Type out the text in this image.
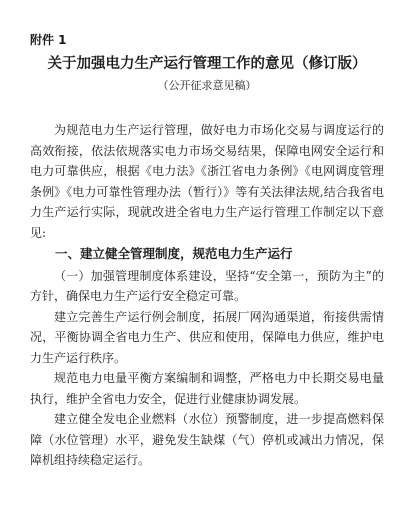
附件 1

关于加强电力生产运行管理工作的意见（修订版）

（公开征求意见稿）

为规范电力生产运行管理，做好电力市场化交易与调度运行的高效衔接，依法依规落实电力市场交易结果，保障电网安全运行和电力可靠供应，根据《电力法》《浙江省电力条例》《电网调度管理条例》《电力可靠性管理办法（暂行）》等有关法律法规,结合我省电力生产运行实际，现就改进全省电力生产运行管理工作制定以下意见:

一、建立健全管理制度，规范电力生产运行

（一）加强管理制度体系建设，坚持“安全第一，预防为主”的方针，确保电力生产运行安全稳定可靠。

建立完善生产运行例会制度，拓展厂网沟通渠道，衔接供需情况，平衡协调全省电力生产、供应和使用，保障电力供应，维护电力生产运行秩序。

规范电力电量平衡方案编制和调整，严格电力中长期交易电量执行，维护全省电力安全，促进行业健康协调发展。

建立健全发电企业燃料（水位）预警制度，进一步提高燃料保障（水位管理）水平，避免发生缺煤（气）停机或减出力情况，保障机组持续稳定运行。
